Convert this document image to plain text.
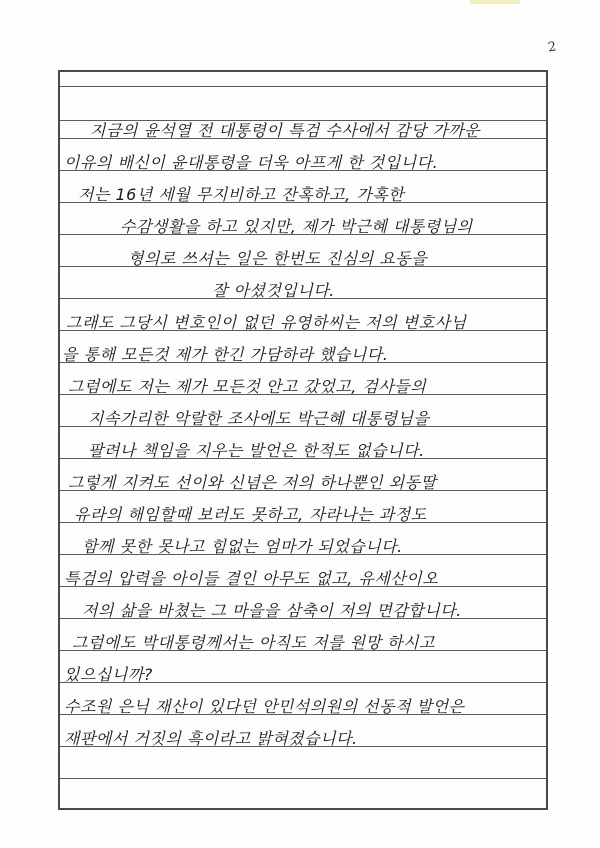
2
지금의 윤석열 전 대통령이 특검 수사에서 감당 가까운
이유의 배신이 윤대통령을 더욱 아프게 한 것입니다.
저는 16년 세월 무지비하고 잔혹하고, 가혹한
수감생활을 하고 있지만, 제가 박근혜 대통령님의
형의로 쓰셔는 일은 한번도 진심의 요동을
잘 아셨것입니다.
그래도 그당시 변호인이 없던 유영하씨는 저의 변호사님
을 통해 모든것 제가 한긴 가담하라 했습니다.
그럼에도 저는 제가 모든것 안고 갔었고, 검사들의
지속가리한 악랄한 조사에도 박근혜 대통령님을
팔려나 책임을 지우는 발언은 한적도 없습니다.
그렇게 지켜도 선이와 신념은 저의 하나뿐인 외동딸
유라의 해임할때 보러도 못하고, 자라나는 과정도
함께 못한 못나고 힘없는 엄마가 되었습니다.
특검의 압력을 아이들 결인 아무도 없고, 유세산이오
저의 삶을 바쳤는 그 마을을 삼축이 저의 면감합니다.
그럼에도 박대통령께서는 아직도 저를 원망 하시고
있으십니까?
수조원 은닉 재산이 있다던 안민석의원의 선동적 발언은
재판에서 거짓의 흑이라고 밝혀졌습니다.
